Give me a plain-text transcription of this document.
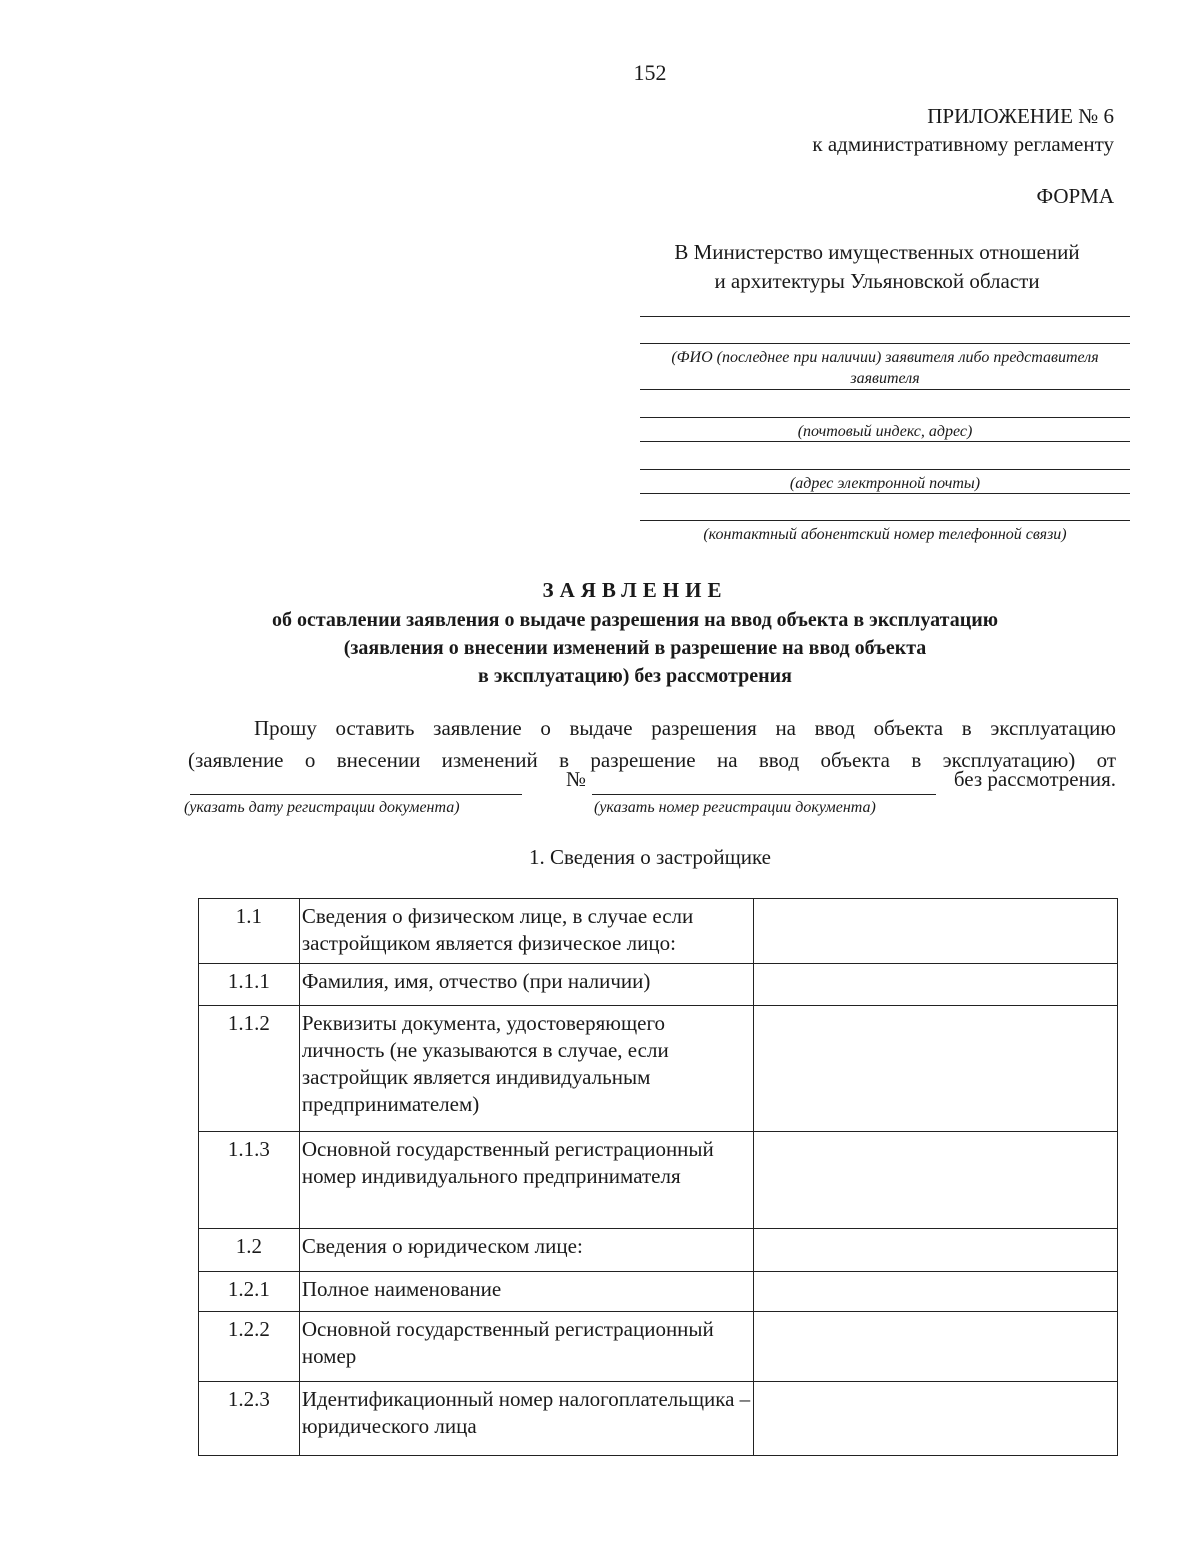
152
ПРИЛОЖЕНИЕ № 6
к административному регламенту
ФОРМА
В Министерство имущественных отношений
и архитектуры Ульяновской области
(ФИО (последнее при наличии) заявителя либо представителя заявителя
(почтовый индекс, адрес)
(адрес электронной почты)
(контактный абонентский номер телефонной связи)
ЗАЯВЛЕНИЕ
об оставлении заявления о выдаче разрешения на ввод объекта в эксплуатацию
(заявления о внесении изменений в разрешение на ввод объекта
в эксплуатацию) без рассмотрения
Прошу оставить заявление о выдаче разрешения на ввод объекта в эксплуатацию
(заявление о внесении изменений в разрешение на ввод объекта в эксплуатацию) от
№	без рассмотрения.
(указать дату регистрации документа)	(указать номер регистрации документа)
1. Сведения о застройщике
1.1	Сведения о физическом лице, в случае если застройщиком является физическое лицо:	
1.1.1	Фамилия, имя, отчество (при наличии)	
1.1.2	Реквизиты документа, удостоверяющего личность (не указываются в случае, если застройщик является индивидуальным предпринимателем)	
1.1.3	Основной государственный регистрационный номер индивидуального предпринимателя	
1.2	Сведения о юридическом лице:	
1.2.1	Полное наименование	
1.2.2	Основной государственный регистрационный номер	
1.2.3	Идентификационный номер налогоплательщика – юридического лица	
